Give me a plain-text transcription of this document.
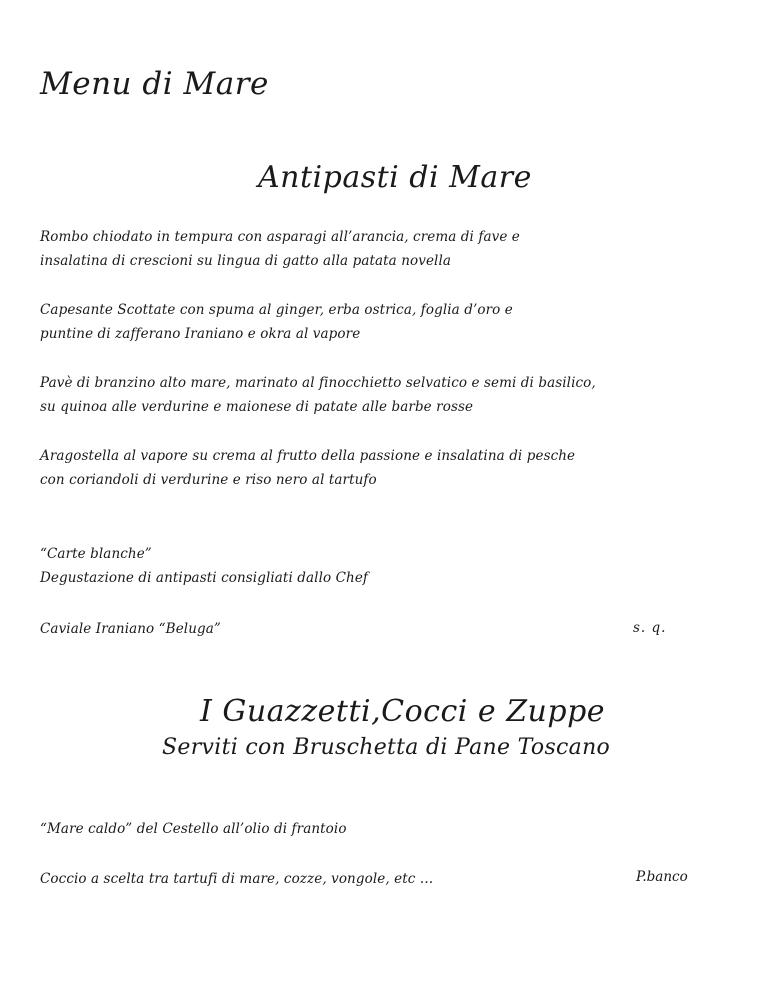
Menu di Mare
Antipasti di Mare
Rombo chiodato in tempura con asparagi all’arancia, crema di fave e
insalatina di crescioni su lingua di gatto alla patata novella
Capesante Scottate con spuma al ginger, erba ostrica, foglia d’oro e
puntine di zafferano Iraniano e okra al vapore
Pavè di branzino alto mare, marinato al finocchietto selvatico e semi di basilico,
su quinoa alle verdurine e maionese di patate alle barbe rosse
Aragostella al vapore su crema al frutto della passione e insalatina di pesche
con coriandoli di verdurine e riso nero al tartufo
“Carte blanche”
Degustazione di antipasti consigliati dallo Chef
Caviale Iraniano “Beluga”	s. q.
I Guazzetti,Cocci e Zuppe
Serviti con Bruschetta di Pane Toscano
“Mare caldo” del Cestello all’olio di frantoio
Coccio a scelta tra tartufi di mare, cozze, vongole, etc …	P.banco
